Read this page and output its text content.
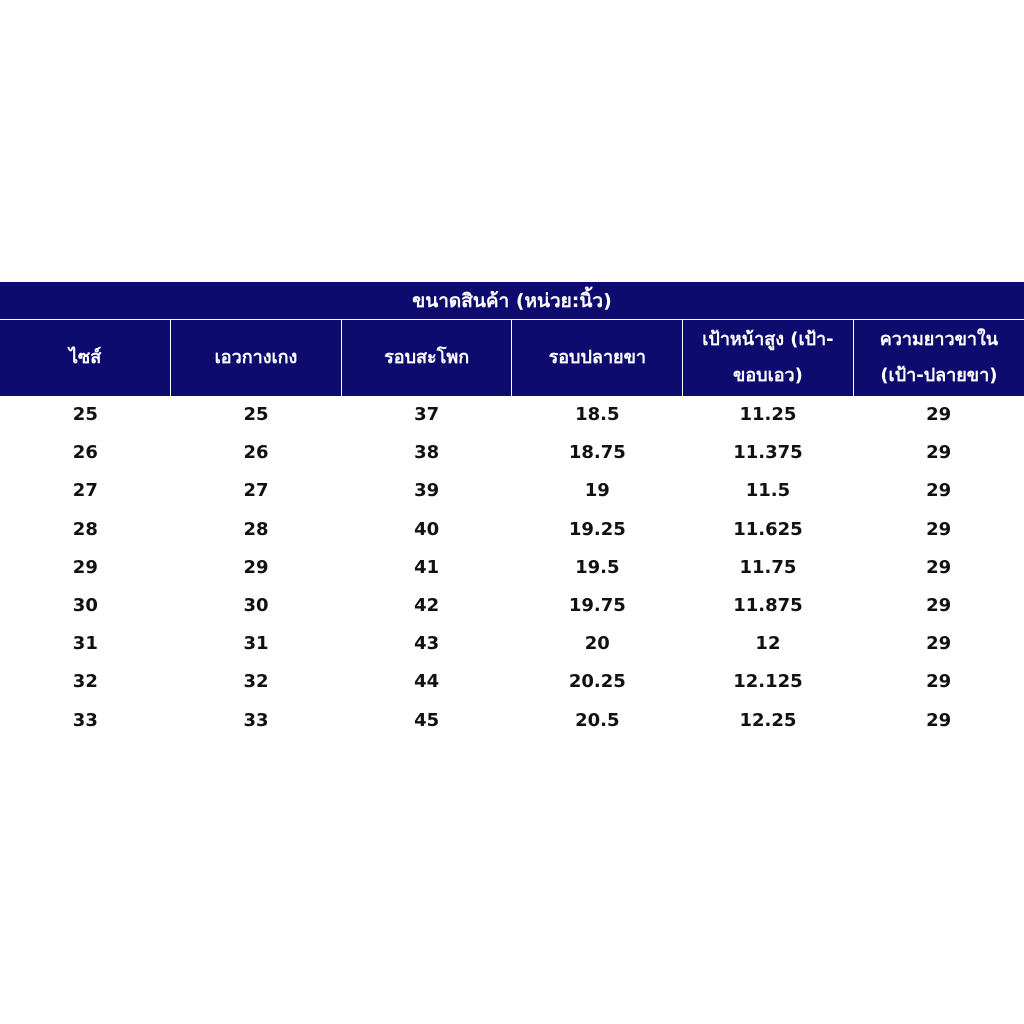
ขนาดสินค้า (หน่วย:นิ้ว)					
ไซส์	เอวกางเกง	รอบสะโพก	รอบปลายขา	เป้าหน้าสูง (เป้า-ขอบเอว)	ความยาวขาใน (เป้า-ปลายขา)
25	25	37	18.5	11.25	29
26	26	38	18.75	11.375	29
27	27	39	19	11.5	29
28	28	40	19.25	11.625	29
29	29	41	19.5	11.75	29
30	30	42	19.75	11.875	29
31	31	43	20	12	29
32	32	44	20.25	12.125	29
33	33	45	20.5	12.25	29
